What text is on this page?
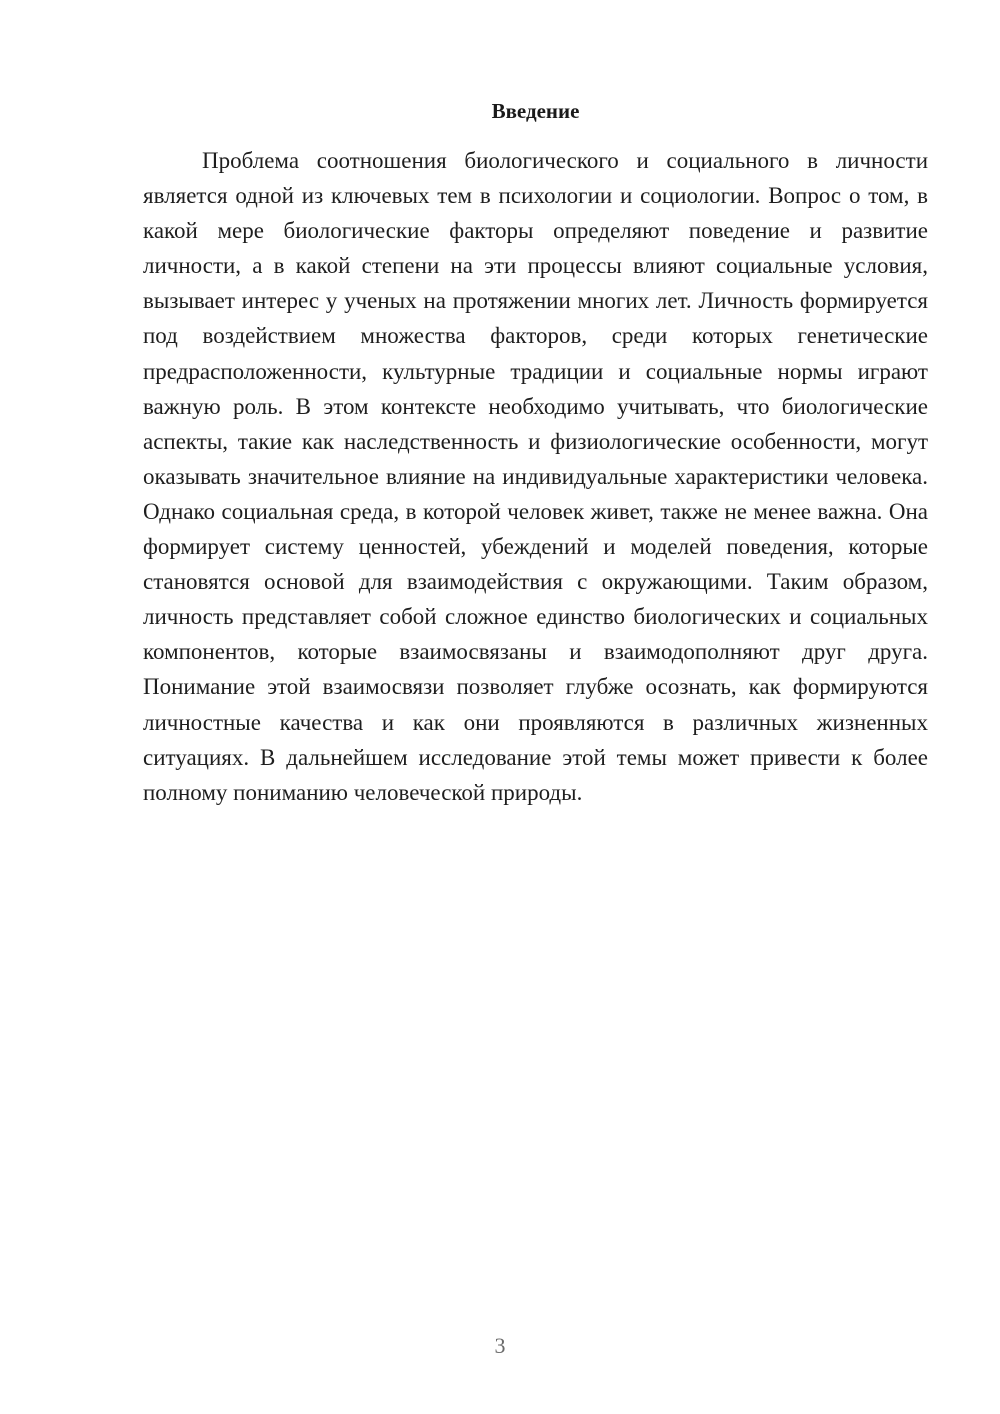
Введение

Проблема соотношения биологического и социального в личности является одной из ключевых тем в психологии и социологии. Вопрос о том, в какой мере биологические факторы определяют поведение и развитие личности, а в какой степени на эти процессы влияют социальные условия, вызывает интерес у ученых на протяжении многих лет. Личность формируется под воздействием множества факторов, среди которых генетические предрасположенности, культурные традиции и социальные нормы играют важную роль. В этом контексте необходимо учитывать, что биологические аспекты, такие как наследственность и физиологические особенности, могут оказывать значительное влияние на индивидуальные характеристики человека. Однако социальная среда, в которой человек живет, также не менее важна. Она формирует систему ценностей, убеждений и моделей поведения, которые становятся основой для взаимодействия с окружающими. Таким образом, личность представляет собой сложное единство биологических и социальных компонентов, которые взаимосвязаны и взаимодополняют друг друга. Понимание этой взаимосвязи позволяет глубже осознать, как формируются личностные качества и как они проявляются в различных жизненных ситуациях. В дальнейшем исследование этой темы может привести к более полному пониманию человеческой природы.

3
